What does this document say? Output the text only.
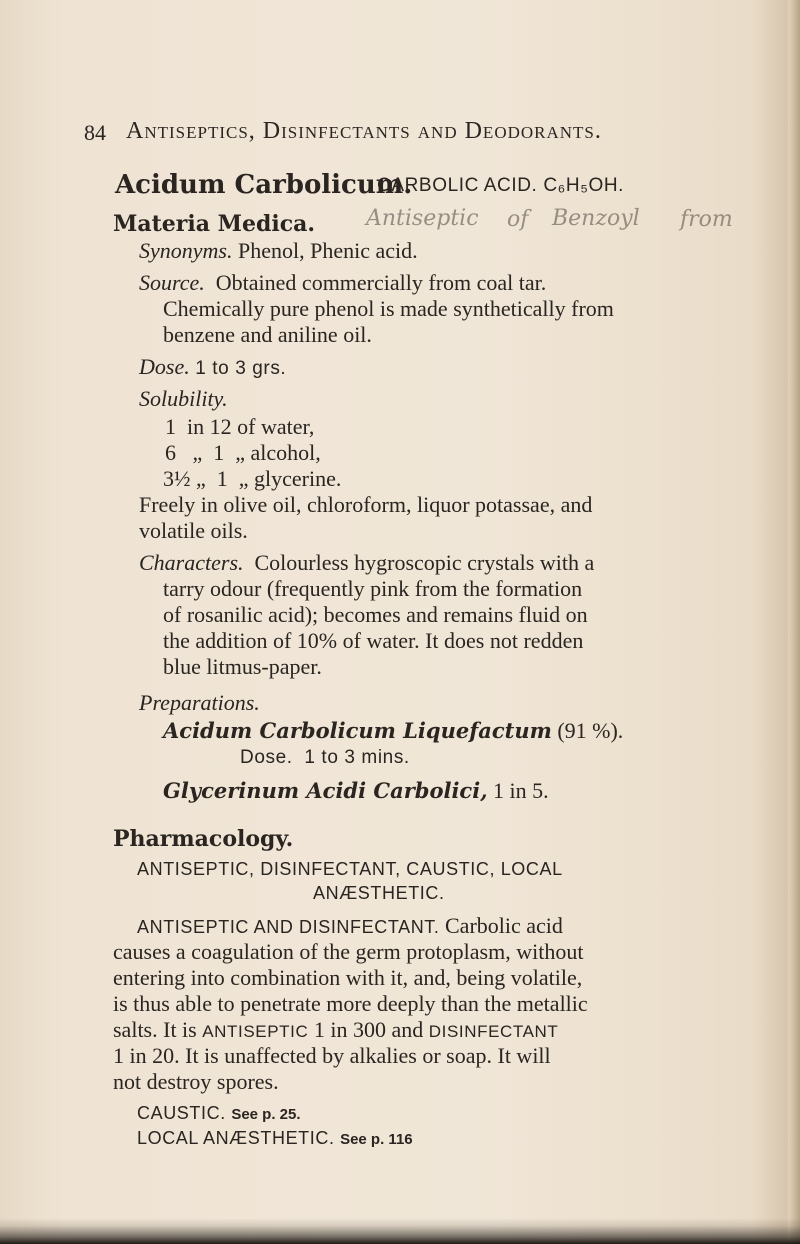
84 Antiseptics, Disinfectants and Deodorants.
Acidum Carbolicum.
CARBOLIC ACID. C₆H₅OH.
Materia Medica. Antiseptic of Benzoyl from
Synonyms. Phenol, Phenic acid.
Source. Obtained commercially from coal tar.
Chemically pure phenol is made synthetically from
benzene and aniline oil.
Dose. 1 to 3 grs.
Solubility.
1  in 12 of water,
6   „  1  „ alcohol,
3½ „  1  „ glycerine.
Freely in olive oil, chloroform, liquor potassae, and
volatile oils.
Characters. Colourless hygroscopic crystals with a
tarry odour (frequently pink from the formation
of rosanilic acid); becomes and remains fluid on
the addition of 10% of water. It does not redden
blue litmus-paper.
Preparations.
Acidum Carbolicum Liquefactum (91 %).
Dose.  1 to 3 mins.
Glycerinum Acidi Carbolici, 1 in 5.
Pharmacology.
ANTISEPTIC, DISINFECTANT, CAUSTIC, LOCAL
ANÆSTHETIC.
ANTISEPTIC AND DISINFECTANT. Carbolic acid
causes a coagulation of the germ protoplasm, without
entering into combination with it, and, being volatile,
is thus able to penetrate more deeply than the metallic
salts. It is ANTISEPTIC 1 in 300 and DISINFECTANT
1 in 20. It is unaffected by alkalies or soap. It will
not destroy spores.
CAUSTIC. See p. 25.
LOCAL ANÆSTHETIC. See p. 116
